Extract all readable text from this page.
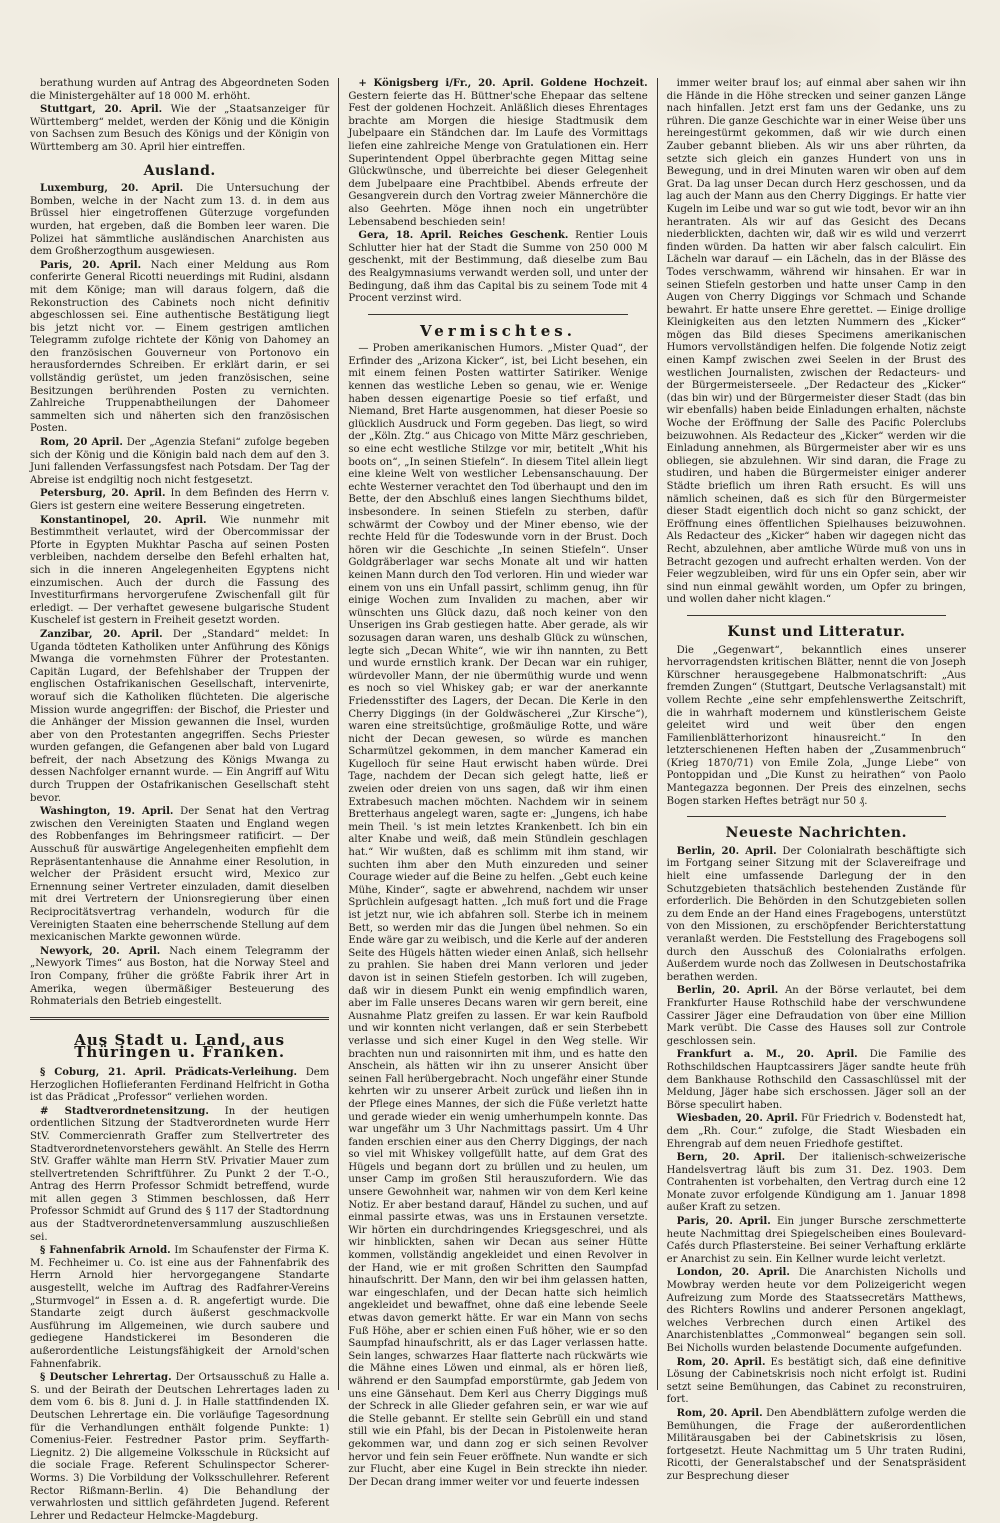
berathung wurden auf Antrag des Abgeordneten Soden die Ministergehälter auf 18 000 M. erhöht.

Stuttgart, 20. April. Wie der „Staatsanzeiger für Württemberg“ meldet, werden der König und die Königin von Sachsen zum Besuch des Königs und der Königin von Württemberg am 30. April hier eintreffen.

Ausland.

Luxemburg, 20. April. Die Untersuchung der Bomben, welche in der Nacht zum 13. d. in dem aus Brüssel hier eingetroffenen Güterzuge vorgefunden wurden, hat ergeben, daß die Bomben leer waren. Die Polizei hat sämmtliche ausländischen Anarchisten aus dem Großherzogthum ausgewiesen.

Paris, 20. April. Nach einer Meldung aus Rom conferirte General Ricotti neuerdings mit Rudini, alsdann mit dem Könige; man will daraus folgern, daß die Rekonstruction des Cabinets noch nicht definitiv abgeschlossen sei. Eine authentische Bestätigung liegt bis jetzt nicht vor. — Einem gestrigen amtlichen Telegramm zufolge richtete der König von Dahomey an den französischen Gouverneur von Portonovo ein herausforderndes Schreiben. Er erklärt darin, er sei vollständig gerüstet, um jeden französischen, seine Besitzungen berührenden Posten zu vernichten. Zahlreiche Truppenabtheilungen der Dahomeer sammelten sich und näherten sich den französischen Posten.

Rom, 20 April. Der „Agenzia Stefani“ zufolge begeben sich der König und die Königin bald nach dem auf den 3. Juni fallenden Verfassungsfest nach Potsdam. Der Tag der Abreise ist endgiltig noch nicht festgesetzt.

Petersburg, 20. April. In dem Befinden des Herrn v. Giers ist gestern eine weitere Besserung eingetreten.

Konstantinopel, 20. April. Wie nunmehr mit Bestimmtheit verlautet, wird der Obercommissar der Pforte in Egypten Mukhtar Pascha auf seinen Posten verbleiben, nachdem derselbe den Befehl erhalten hat, sich in die inneren Angelegenheiten Egyptens nicht einzumischen. Auch der durch die Fassung des Investiturfirmans hervorgerufene Zwischenfall gilt für erledigt. — Der verhaftet gewesene bulgarische Student Kuschelef ist gestern in Freiheit gesetzt worden.

Zanzibar, 20. April. Der „Standard“ meldet: In Uganda tödteten Katholiken unter Anführung des Königs Mwanga die vornehmsten Führer der Protestanten. Capitän Lugard, der Befehlshaber der Truppen der englischen Ostafrikanischen Gesellschaft, intervenirte, worauf sich die Katholiken flüchteten. Die algerische Mission wurde angegriffen: der Bischof, die Priester und die Anhänger der Mission gewannen die Insel, wurden aber von den Protestanten angegriffen. Sechs Priester wurden gefangen, die Gefangenen aber bald von Lugard befreit, der nach Absetzung des Königs Mwanga zu dessen Nachfolger ernannt wurde. — Ein Angriff auf Witu durch Truppen der Ostafrikanischen Gesellschaft steht bevor.

Washington, 19. April. Der Senat hat den Vertrag zwischen den Vereinigten Staaten und England wegen des Robbenfanges im Behringsmeer ratificirt. — Der Ausschuß für auswärtige Angelegenheiten empfiehlt dem Repräsentantenhause die Annahme einer Resolution, in welcher der Präsident ersucht wird, Mexico zur Ernennung seiner Vertreter einzuladen, damit dieselben mit drei Vertretern der Unionsregierung über einen Reciprocitätsvertrag verhandeln, wodurch für die Vereinigten Staaten eine beherrschende Stellung auf dem mexicanischen Markte gewonnen würde.

Newyork, 20. April. Nach einem Telegramm der „Newyork Times“ aus Boston, hat die Norway Steel and Iron Company, früher die größte Fabrik ihrer Art in Amerika, wegen übermäßiger Besteuerung des Rohmaterials den Betrieb eingestellt.

Aus Stadt u. Land, aus Thüringen u. Franken.

§ Coburg, 21. April. Prädicats-Verleihung. Dem Herzoglichen Hoflieferanten Ferdinand Helfricht in Gotha ist das Prädicat „Professor“ verliehen worden.

# Stadtverordnetensitzung. In der heutigen ordentlichen Sitzung der Stadtverordneten wurde Herr StV. Commercienrath Graffer zum Stellvertreter des Stadtverordnetenvorstehers gewählt. An Stelle des Herrn StV. Graffer wählte man Herrn StV. Privatier Mauer zum stellvertretenden Schriftführer. Zu Punkt 2 der T.-O., Antrag des Herrn Professor Schmidt betreffend, wurde mit allen gegen 3 Stimmen beschlossen, daß Herr Professor Schmidt auf Grund des § 117 der Stadtordnung aus der Stadtverordnetenversammlung auszuschließen sei.

§ Fahnenfabrik Arnold. Im Schaufenster der Firma K. M. Fechheimer u. Co. ist eine aus der Fahnenfabrik des Herrn Arnold hier hervorgegangene Standarte ausgestellt, welche im Auftrag des Radfahrer-Vereins „Sturmvogel“ in Essen a. d. R. angefertigt wurde. Die Standarte zeigt durch äußerst geschmackvolle Ausführung im Allgemeinen, wie durch saubere und gediegene Handstickerei im Besonderen die außerordentliche Leistungsfähigkeit der Arnold'schen Fahnenfabrik.

§ Deutscher Lehrertag. Der Ortsausschuß zu Halle a. S. und der Beirath der Deutschen Lehrertages laden zu dem vom 6. bis 8. Juni d. J. in Halle stattfindenden IX. Deutschen Lehrertage ein. Die vorläufige Tagesordnung für die Verhandlungen enthält folgende Punkte: 1) Comenius-Feier. Festredner Pastor prim. Seyffarth-Liegnitz. 2) Die allgemeine Volksschule in Rücksicht auf die sociale Frage. Referent Schulinspector Scherer-Worms. 3) Die Vorbildung der Volksschullehrer. Referent Rector Rißmann-Berlin. 4) Die Behandlung der verwahrlosten und sittlich gefährdeten Jugend. Referent Lehrer und Redacteur Helmcke-Magdeburg.

+ Königsberg i/Fr., 20. April. Goldene Hochzeit. Gestern feierte das H. Büttner'sche Ehepaar das seltene Fest der goldenen Hochzeit. Anläßlich dieses Ehrentages brachte am Morgen die hiesige Stadtmusik dem Jubelpaare ein Ständchen dar. Im Laufe des Vormittags liefen eine zahlreiche Menge von Gratulationen ein. Herr Superintendent Oppel überbrachte gegen Mittag seine Glückwünsche, und überreichte bei dieser Gelegenheit dem Jubelpaare eine Prachtbibel. Abends erfreute der Gesangverein durch den Vortrag zweier Männerchöre die also Geehrten. Möge ihnen noch ein ungetrübter Lebensabend beschieden sein!

Gera, 18. April. Reiches Geschenk. Rentier Louis Schlutter hier hat der Stadt die Summe von 250 000 M geschenkt, mit der Bestimmung, daß dieselbe zum Bau des Realgymnasiums verwandt werden soll, und unter der Bedingung, daß ihm das Capital bis zu seinem Tode mit 4 Procent verzinst wird.

Vermischtes.

— Proben amerikanischen Humors. „Mister Quad“, der Erfinder des „Arizona Kicker“, ist, bei Licht besehen, ein mit einem feinen Posten wattirter Satiriker. Wenige kennen das westliche Leben so genau, wie er. Wenige haben dessen eigenartige Poesie so tief erfaßt, und Niemand, Bret Harte ausgenommen, hat dieser Poesie so glücklich Ausdruck und Form gegeben. Das liegt, so wird der „Köln. Ztg.“ aus Chicago von Mitte März geschrieben, so eine echt westliche Stilzge vor mir, betitelt „Whit his boots on“, „In seinen Stiefeln“. In diesem Titel allein liegt eine kleine Welt von westlicher Lebensanschauung. Der echte Westerner verachtet den Tod überhaupt und den im Bette, der den Abschluß eines langen Siechthums bildet, insbesondere. In seinen Stiefeln zu sterben, dafür schwärmt der Cowboy und der Miner ebenso, wie der rechte Held für die Todeswunde vorn in der Brust. Doch hören wir die Geschichte „In seinen Stiefeln“. Unser Goldgräberlager war sechs Monate alt und wir hatten keinen Mann durch den Tod verloren. Hin und wieder war einem von uns ein Unfall passirt, schlimm genug, ihn für einige Wochen zum Invaliden zu machen, aber wir wünschten uns Glück dazu, daß noch keiner von den Unserigen ins Grab gestiegen hatte. Aber gerade, als wir sozusagen daran waren, uns deshalb Glück zu wünschen, legte sich „Decan White“, wie wir ihn nannten, zu Bett und wurde ernstlich krank. Der Decan war ein ruhiger, würdevoller Mann, der nie übermüthig wurde und wenn es noch so viel Whiskey gab; er war der anerkannte Friedensstifter des Lagers, der Decan. Die Kerle in den Cherry Diggings (in der Goldwäscherei „Zur Kirsche“), waren eine streitsüchtige, großmäulige Rotte, und wäre nicht der Decan gewesen, so würde es manchen Scharmützel gekommen, in dem mancher Kamerad ein Kugelloch für seine Haut erwischt haben würde. Drei Tage, nachdem der Decan sich gelegt hatte, ließ er zweien oder dreien von uns sagen, daß wir ihm einen Extrabesuch machen möchten. Nachdem wir in seinem Bretterhaus angelegt waren, sagte er: „Jungens, ich habe mein Theil. 's ist mein letztes Krankenbett. Ich bin ein alter Knabe und weiß, daß mein Stündlein geschlagen hat.“ Wir wußten, daß es schlimm mit ihm stand, wir suchten ihm aber den Muth einzureden und seiner Courage wieder auf die Beine zu helfen. „Gebt euch keine Mühe, Kinder“, sagte er abwehrend, nachdem wir unser Sprüchlein aufgesagt hatten. „Ich muß fort und die Frage ist jetzt nur, wie ich abfahren soll. Sterbe ich in meinem Bett, so werden mir das die Jungen übel nehmen. So ein Ende wäre gar zu weibisch, und die Kerle auf der anderen Seite des Hügels hätten wieder einen Anlaß, sich hellsehr zu prahlen. Sie haben drei Mann verloren und jeder davon ist in seinen Stiefeln gestorben. Ich will zugeben, daß wir in diesem Punkt ein wenig empfindlich waren, aber im Falle unseres Decans waren wir gern bereit, eine Ausnahme Platz greifen zu lassen. Er war kein Raufbold und wir konnten nicht verlangen, daß er sein Sterbebett verlasse und sich einer Kugel in den Weg stelle. Wir brachten nun und raisonnirten mit ihm, und es hatte den Anschein, als hätten wir ihn zu unserer Ansicht über seinen Fall herübergebracht. Noch ungefähr einer Stunde kehrten wir zu unserer Arbeit zurück und ließen ihn in der Pflege eines Mannes, der sich die Füße verletzt hatte und gerade wieder ein wenig umherhumpeln konnte. Das war ungefähr um 3 Uhr Nachmittags passirt. Um 4 Uhr fanden erschien einer aus den Cherry Diggings, der nach so viel mit Whiskey vollgefüllt hatte, auf dem Grat des Hügels und begann dort zu brüllen und zu heulen, um unser Camp im großen Stil herauszufordern. Wie das unsere Gewohnheit war, nahmen wir von dem Kerl keine Notiz. Er aber bestand darauf, Händel zu suchen, und auf einmal passirte etwas, was uns in Erstaunen versetzte. Wir hörten ein durchdringendes Kriegsgeschrei, und als wir hinblickten, sahen wir Decan aus seiner Hütte kommen, vollständig angekleidet und einen Revolver in der Hand, wie er mit großen Schritten den Saumpfad hinaufschritt. Der Mann, den wir bei ihm gelassen hatten, war eingeschlafen, und der Decan hatte sich heimlich angekleidet und bewaffnet, ohne daß eine lebende Seele etwas davon gemerkt hätte. Er war ein Mann von sechs Fuß Höhe, aber er schien einen Fuß höher, wie er so den Saumpfad hinaufschritt, als er das Lager verlassen hatte. Sein langes, schwarzes Haar flatterte nach rückwärts wie die Mähne eines Löwen und einmal, als er hören ließ, während er den Saumpfad emporstürmte, gab Jedem von uns eine Gänsehaut. Dem Kerl aus Cherry Diggings muß der Schreck in alle Glieder gefahren sein, er war wie auf die Stelle gebannt. Er stellte sein Gebrüll ein und stand still wie ein Pfahl, bis der Decan in Pistolenweite heran gekommen war, und dann zog er sich seinen Revolver hervor und fein sein Feuer eröffnete. Nun wandte er sich zur Flucht, aber eine Kugel in Bein streckte ihn nieder. Der Decan drang immer weiter vor und feuerte indessen

immer weiter brauf los; auf einmal aber sahen wir ihn die Hände in die Höhe strecken und seiner ganzen Länge nach hinfallen. Jetzt erst fam uns der Gedanke, uns zu rühren. Die ganze Geschichte war in einer Weise über uns hereingestürmt gekommen, daß wir wie durch einen Zauber gebannt blieben. Als wir uns aber rührten, da setzte sich gleich ein ganzes Hundert von uns in Bewegung, und in drei Minuten waren wir oben auf dem Grat. Da lag unser Decan durch Herz geschossen, und da lag auch der Mann aus den Cherry Diggings. Er hatte vier Kugeln im Leibe und war so gut wie todt, bevor wir an ihn herantraten. Als wir auf das Gesicht des Decans niederblickten, dachten wir, daß wir es wild und verzerrt finden würden. Da hatten wir aber falsch calculirt. Ein Lächeln war darauf — ein Lächeln, das in der Blässe des Todes verschwamm, während wir hinsahen. Er war in seinen Stiefeln gestorben und hatte unser Camp in den Augen von Cherry Diggings vor Schmach und Schande bewahrt. Er hatte unsere Ehre gerettet. — Einige drollige Kleinigkeiten aus den letzten Nummern des „Kicker“ mögen das Bild dieses Specimens amerikanischen Humors vervollständigen helfen. Die folgende Notiz zeigt einen Kampf zwischen zwei Seelen in der Brust des westlichen Journalisten, zwischen der Redacteurs- und der Bürgermeisterseele. „Der Redacteur des „Kicker“ (das bin wir) und der Bürgermeister dieser Stadt (das bin wir ebenfalls) haben beide Einladungen erhalten, nächste Woche der Eröffnung der Salle des Pacific Polerclubs beizuwohnen. Als Redacteur des „Kicker“ werden wir die Einladung annehmen, als Bürgermeister aber wir es uns obliegen, sie abzulehnen. Wir sind daran, die Frage zu studiren, und haben die Bürgermeister einiger anderer Städte brieflich um ihren Rath ersucht. Es will uns nämlich scheinen, daß es sich für den Bürgermeister dieser Stadt eigentlich doch nicht so ganz schickt, der Eröffnung eines öffentlichen Spielhauses beizuwohnen. Als Redacteur des „Kicker“ haben wir dagegen nicht das Recht, abzulehnen, aber amtliche Würde muß von uns in Betracht gezogen und aufrecht erhalten werden. Von der Feier wegzubleiben, wird für uns ein Opfer sein, aber wir sind nun einmal gewählt worden, um Opfer zu bringen, und wollen daher nicht klagen.“

Kunst und Litteratur.

Die „Gegenwart“, bekanntlich eines unserer hervorragendsten kritischen Blätter, nennt die von Joseph Kürschner herausgegebene Halbmonatschrift: „Aus fremden Zungen“ (Stuttgart, Deutsche Verlagsanstalt) mit vollem Rechte „eine sehr empfehlenswerthe Zeitschrift, die in wahrhaft modernem und künstlerischem Geiste geleitet wird und weit über den engen Familienblätterhorizont hinausreicht.“ In den letzterschienenen Heften haben der „Zusammenbruch“ (Krieg 1870/71) von Emile Zola, „Junge Liebe“ von Pontoppidan und „Die Kunst zu heirathen“ von Paolo Mantegazza begonnen. Der Preis des einzelnen, sechs Bogen starken Heftes beträgt nur 50 ₰.

Neueste Nachrichten.

Berlin, 20. April. Der Colonialrath beschäftigte sich im Fortgang seiner Sitzung mit der Sclavereifrage und hielt eine umfassende Darlegung der in den Schutzgebieten thatsächlich bestehenden Zustände für erforderlich. Die Behörden in den Schutzgebieten sollen zu dem Ende an der Hand eines Fragebogens, unterstützt von den Missionen, zu erschöpfender Berichterstattung veranlaßt werden. Die Feststellung des Fragebogens soll durch den Ausschuß des Colonialraths erfolgen. Außerdem wurde noch das Zollwesen in Deutschostafrika berathen werden.

Berlin, 20. April. An der Börse verlautet, bei dem Frankfurter Hause Rothschild habe der verschwundene Cassirer Jäger eine Defraudation von über eine Million Mark verübt. Die Casse des Hauses soll zur Controle geschlossen sein.

Frankfurt a. M., 20. April. Die Familie des Rothschildschen Hauptcassirers Jäger sandte heute früh dem Bankhause Rothschild den Cassaschlüssel mit der Meldung, Jäger habe sich erschossen. Jäger soll an der Börse speculirt haben.

Wiesbaden, 20. April. Für Friedrich v. Bodenstedt hat, dem „Rh. Cour.“ zufolge, die Stadt Wiesbaden ein Ehrengrab auf dem neuen Friedhofe gestiftet.

Bern, 20. April. Der italienisch-schweizerische Handelsvertrag läuft bis zum 31. Dez. 1903. Dem Contrahenten ist vorbehalten, den Vertrag durch eine 12 Monate zuvor erfolgende Kündigung am 1. Januar 1898 außer Kraft zu setzen.

Paris, 20. April. Ein junger Bursche zerschmetterte heute Nachmittag drei Spiegelscheiben eines Boulevard-Cafés durch Pflastersteine. Bei seiner Verhaftung erklärte er Anarchist zu sein. Ein Kellner wurde leicht verletzt.

London, 20. April. Die Anarchisten Nicholls und Mowbray werden heute vor dem Polizeigericht wegen Aufreizung zum Morde des Staatssecretärs Matthews, des Richters Rowlins und anderer Personen angeklagt, welches Verbrechen durch einen Artikel des Anarchistenblattes „Commonweal“ begangen sein soll. Bei Nicholls wurden belastende Documente aufgefunden.

Rom, 20. April. Es bestätigt sich, daß eine definitive Lösung der Cabinetskrisis noch nicht erfolgt ist. Rudini setzt seine Bemühungen, das Cabinet zu reconstruiren, fort.

Rom, 20. April. Den Abendblättern zufolge werden die Bemühungen, die Frage der außerordentlichen Militärausgaben bei der Cabinetskrisis zu lösen, fortgesetzt. Heute Nachmittag um 5 Uhr traten Rudini, Ricotti, der Generalstabschef und der Senatspräsident zur Besprechung dieser
